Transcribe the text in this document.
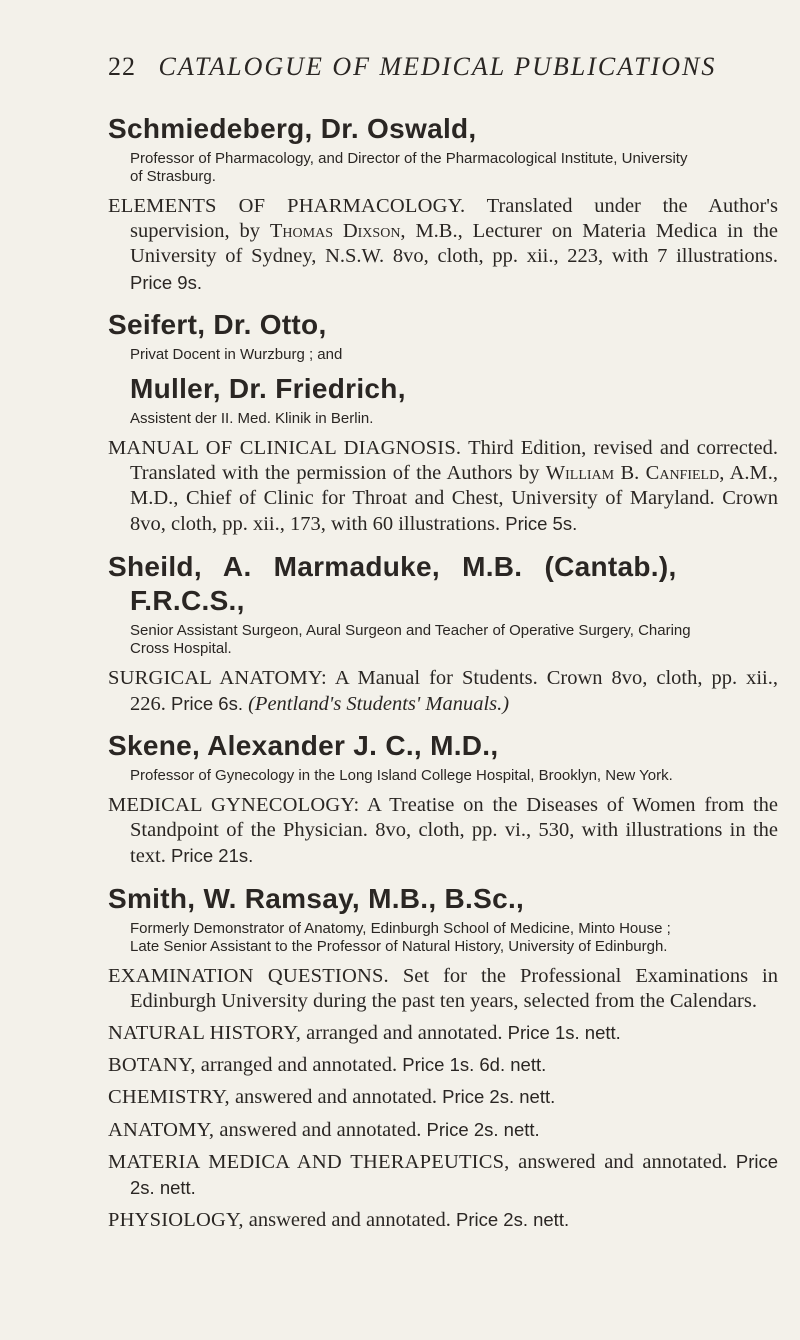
22 CATALOGUE OF MEDICAL PUBLICATIONS
Schmiedeberg, Dr. Oswald,
Professor of Pharmacology, and Director of the Pharmacological Institute, University
of Strasburg.

ELEMENTS OF PHARMACOLOGY. Translated under the Author's supervision, by Thomas Dixson, M.B., Lecturer on Materia Medica in the University of Sydney, N.S.W. 8vo, cloth, pp. xii., 223, with 7 illustrations. Price 9s.

Seifert, Dr. Otto,
Privat Docent in Wurzburg ; and
Muller, Dr. Friedrich,
Assistent der II. Med. Klinik in Berlin.

MANUAL OF CLINICAL DIAGNOSIS. Third Edition, revised and corrected. Translated with the permission of the Authors by William B. Canfield, A.M., M.D., Chief of Clinic for Throat and Chest, University of Maryland. Crown 8vo, cloth, pp. xii., 173, with 60 illustrations. Price 5s.

Sheild, A. Marmaduke, M.B. (Cantab.), F.R.C.S.,
Senior Assistant Surgeon, Aural Surgeon and Teacher of Operative Surgery, Charing
Cross Hospital.

SURGICAL ANATOMY: A Manual for Students. Crown 8vo, cloth, pp. xii., 226. Price 6s. (Pentland's Students' Manuals.)

Skene, Alexander J. C., M.D.,
Professor of Gynecology in the Long Island College Hospital, Brooklyn, New York.

MEDICAL GYNECOLOGY: A Treatise on the Diseases of Women from the Standpoint of the Physician. 8vo, cloth, pp. vi., 530, with illustrations in the text. Price 21s.

Smith, W. Ramsay, M.B., B.Sc.,
Formerly Demonstrator of Anatomy, Edinburgh School of Medicine, Minto House ;
Late Senior Assistant to the Professor of Natural History, University of Edinburgh.

EXAMINATION QUESTIONS. Set for the Professional Examinations in Edinburgh University during the past ten years, selected from the Calendars.

NATURAL HISTORY, arranged and annotated. Price 1s. nett.

BOTANY, arranged and annotated. Price 1s. 6d. nett.

CHEMISTRY, answered and annotated. Price 2s. nett.

ANATOMY, answered and annotated. Price 2s. nett.

MATERIA MEDICA AND THERAPEUTICS, answered and annotated. Price 2s. nett.

PHYSIOLOGY, answered and annotated. Price 2s. nett.
